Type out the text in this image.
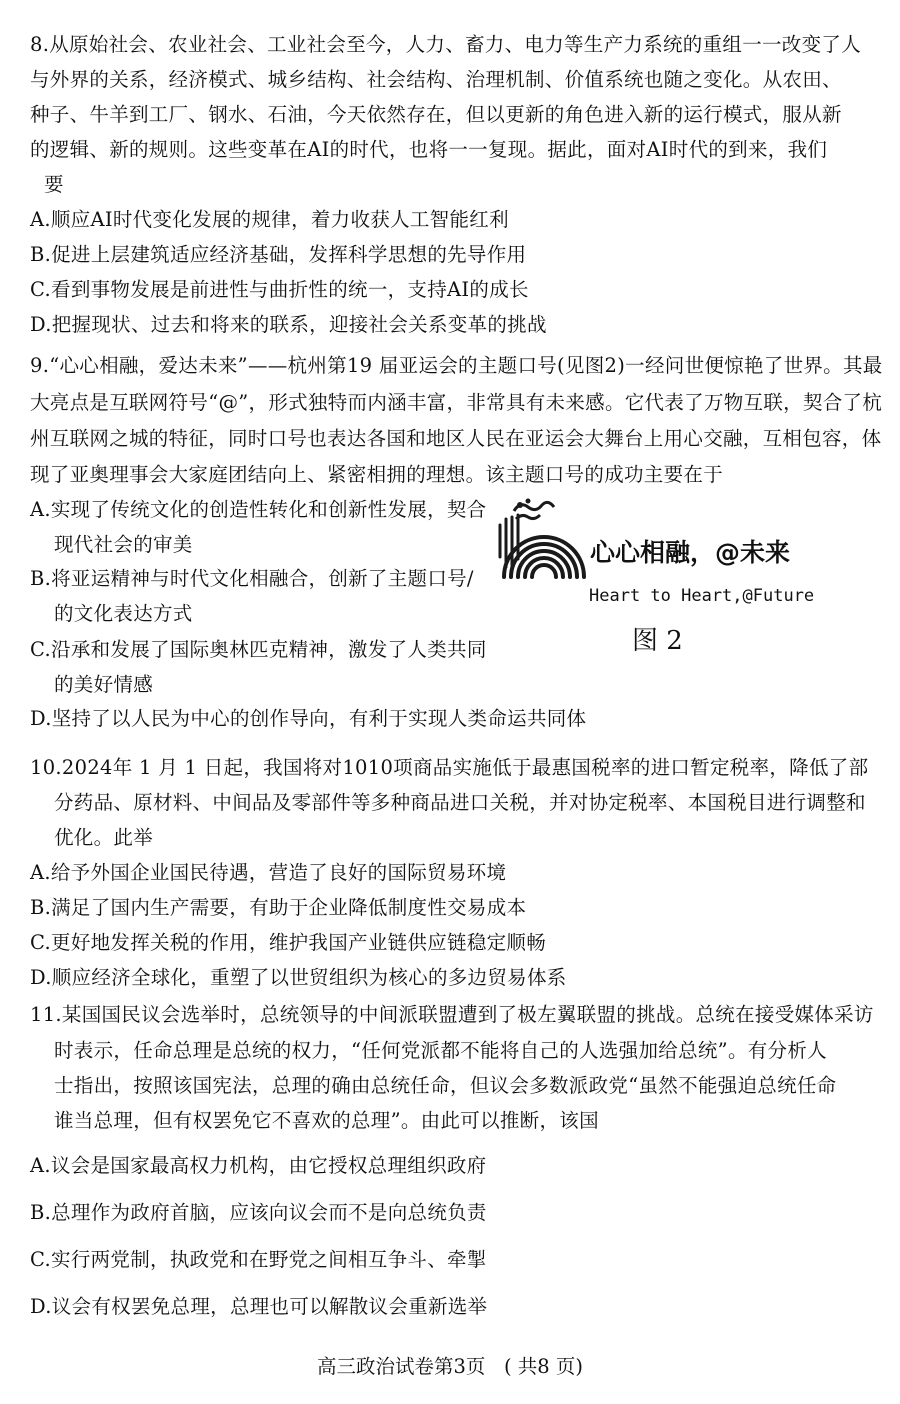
8.从原始社会、农业社会、工业社会至今，人力、畜力、电力等生产力系统的重组一一改变了人
与外界的关系，经济模式、城乡结构、社会结构、治理机制、价值系统也随之变化。从农田、
种子、牛羊到工厂、钢水、石油，今天依然存在，但以更新的角色进入新的运行模式，服从新
的逻辑、新的规则。这些变革在AI的时代，也将一一复现。据此，面对AI时代的到来，我们
要
A.顺应AI时代变化发展的规律，着力收获人工智能红利
B.促进上层建筑适应经济基础，发挥科学思想的先导作用
C.看到事物发展是前进性与曲折性的统一，支持AI的成长
D.把握现状、过去和将来的联系，迎接社会关系变革的挑战
9.“心心相融，爱达未来”——杭州第19 届亚运会的主题口号(见图2)一经问世便惊艳了世界。其最
大亮点是互联网符号“@”，形式独特而内涵丰富，非常具有未来感。它代表了万物互联，契合了杭
州互联网之城的特征，同时口号也表达各国和地区人民在亚运会大舞台上用心交融，互相包容，体
现了亚奥理事会大家庭团结向上、紧密相拥的理想。该主题口号的成功主要在于
A.实现了传统文化的创造性转化和创新性发展，契合
现代社会的审美
B.将亚运精神与时代文化相融合，创新了主题口号/
的文化表达方式
C.沿承和发展了国际奥林匹克精神，激发了人类共同
的美好情感
D.坚持了以人民为中心的创作导向，有利于实现人类命运共同体
心心相融，@未来
Heart to Heart,@Future
图 2
10.2024年 1 月 1 日起，我国将对1010项商品实施低于最惠国税率的进口暂定税率，降低了部
分药品、原材料、中间品及零部件等多种商品进口关税，并对协定税率、本国税目进行调整和
优化。此举
A.给予外国企业国民待遇，营造了良好的国际贸易环境
B.满足了国内生产需要，有助于企业降低制度性交易成本
C.更好地发挥关税的作用，维护我国产业链供应链稳定顺畅
D.顺应经济全球化，重塑了以世贸组织为核心的多边贸易体系
11.某国国民议会选举时，总统领导的中间派联盟遭到了极左翼联盟的挑战。总统在接受媒体采访
时表示，任命总理是总统的权力，“任何党派都不能将自己的人选强加给总统”。有分析人
士指出，按照该国宪法，总理的确由总统任命，但议会多数派政党“虽然不能强迫总统任命
谁当总理，但有权罢免它不喜欢的总理”。由此可以推断，该国
A.议会是国家最高权力机构，由它授权总理组织政府
B.总理作为政府首脑，应该向议会而不是向总统负责
C.实行两党制，执政党和在野党之间相互争斗、牵掣
D.议会有权罢免总理，总理也可以解散议会重新选举
高三政治试卷第3页   ( 共8 页)
